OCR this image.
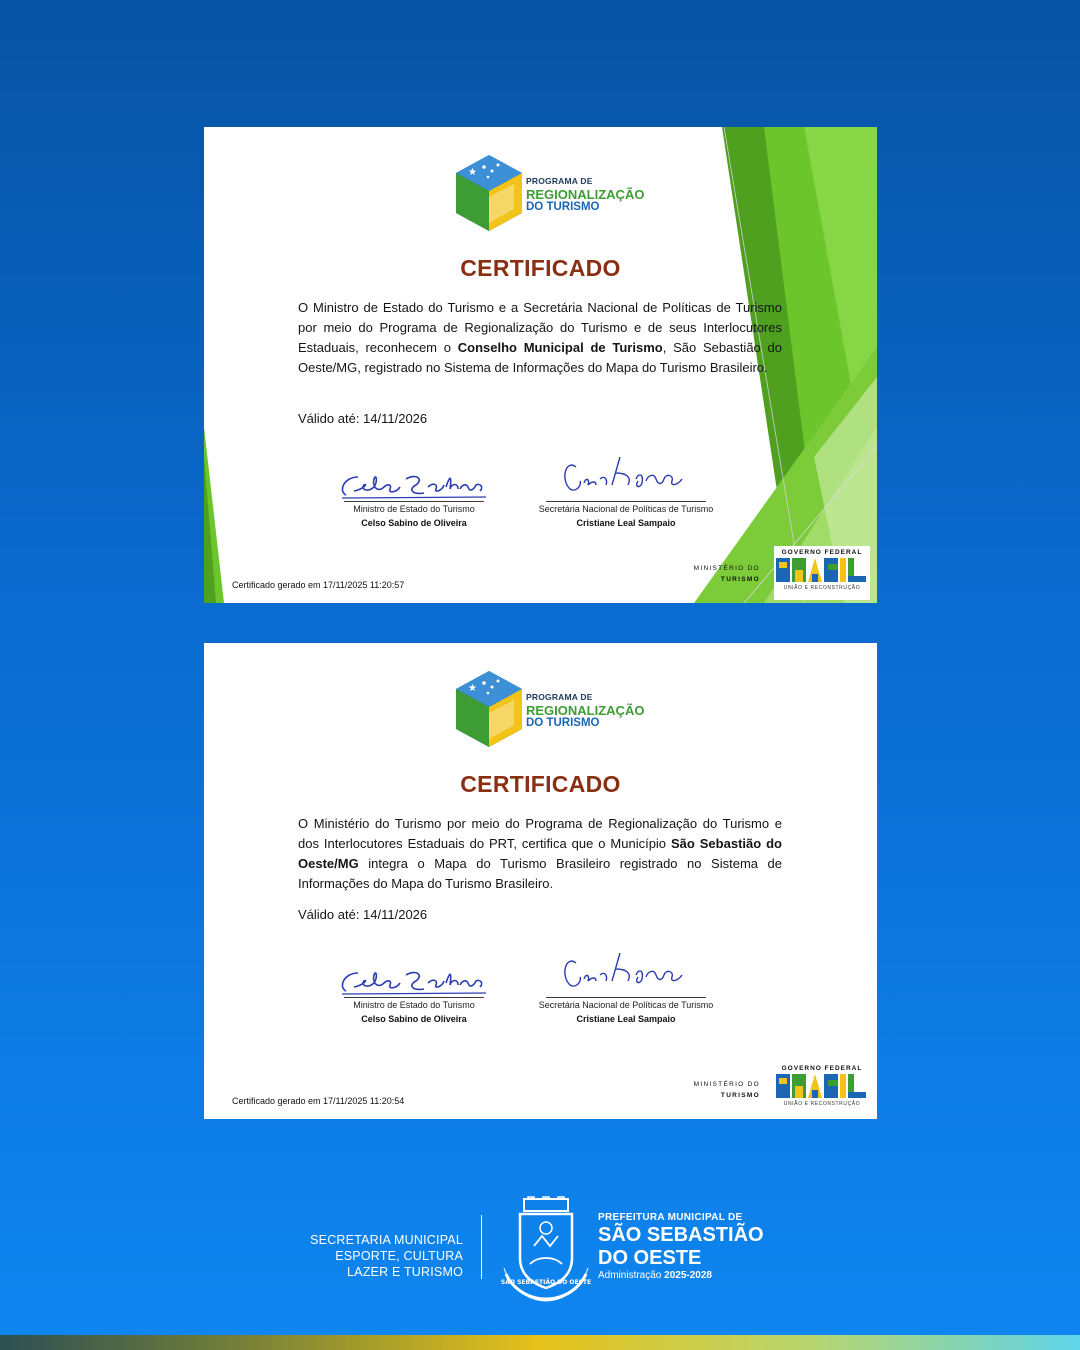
★
PROGRAMA DE
REGIONALIZAÇÃO
DO TURISMO
CERTIFICADO
O Ministro de Estado do Turismo e a Secretária Nacional de Políticas de Turismo por meio do Programa de Regionalização do Turismo e de seus Interlocutores Estaduais, reconhecem o Conselho Municipal de Turismo, São Sebastião do Oeste/MG, registrado no Sistema de Informações do Mapa do Turismo Brasileiro.
Válido até: 14/11/2026
Ministro de Estado do Turismo
Celso Sabino de Oliveira
Secretária Nacional de Políticas de Turismo
Cristiane Leal Sampaio
Certificado gerado em 17/11/2025 11:20:57
MINISTÉRIO DO
TURISMO
GOVERNO FEDERAL
UNIÃO E RECONSTRUÇÃO
★
PROGRAMA DE
REGIONALIZAÇÃO
DO TURISMO
CERTIFICADO
O Ministério do Turismo por meio do Programa de Regionalização do Turismo e dos Interlocutores Estaduais do PRT, certifica que o Município São Sebastião do Oeste/MG integra o Mapa do Turismo Brasileiro registrado no Sistema de Informações do Mapa do Turismo Brasileiro.
Válido até: 14/11/2026
Ministro de Estado do Turismo
Celso Sabino de Oliveira
Secretária Nacional de Políticas de Turismo
Cristiane Leal Sampaio
Certificado gerado em 17/11/2025 11:20:54
MINISTÉRIO DO
TURISMO
GOVERNO FEDERAL
UNIÃO E RECONSTRUÇÃO
SECRETARIA MUNICIPAL
ESPORTE, CULTURA
LAZER E TURISMO
SÃO SEBASTIÃO DO OESTE
PREFEITURA MUNICIPAL DE
SÃO SEBASTIÃO
DO OESTE
Administração 2025-2028
